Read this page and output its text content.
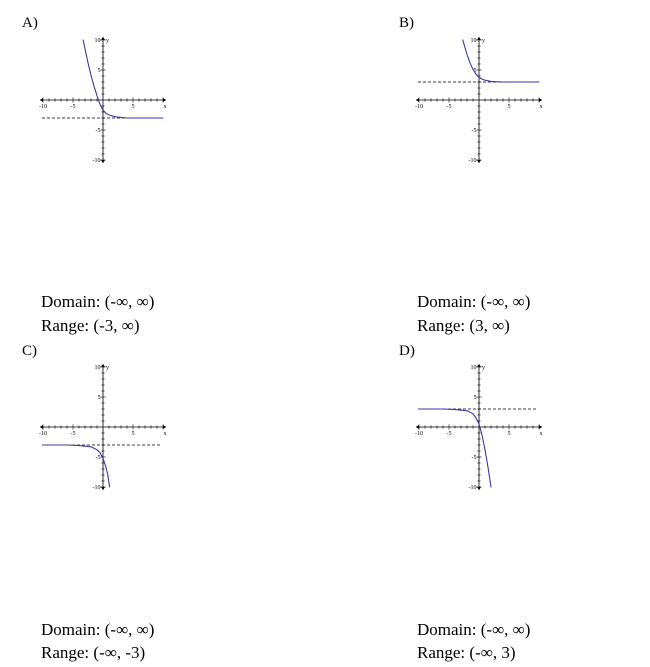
A)
-10	-5	5
10
5
-5
-10
x
y
Domain: (-∞, ∞)
Range: (-3, ∞)
B)
-10	-5	5
10
5
-5
-10
x
y
Domain: (-∞, ∞)
Range: (3, ∞)
C)
-10	-5	5
10
5
-5
-10
x
y
Domain: (-∞, ∞)
Range: (-∞, -3)
D)
-10	-5	5
10
5
-5
-10
x
y
Domain: (-∞, ∞)
Range: (-∞, 3)
